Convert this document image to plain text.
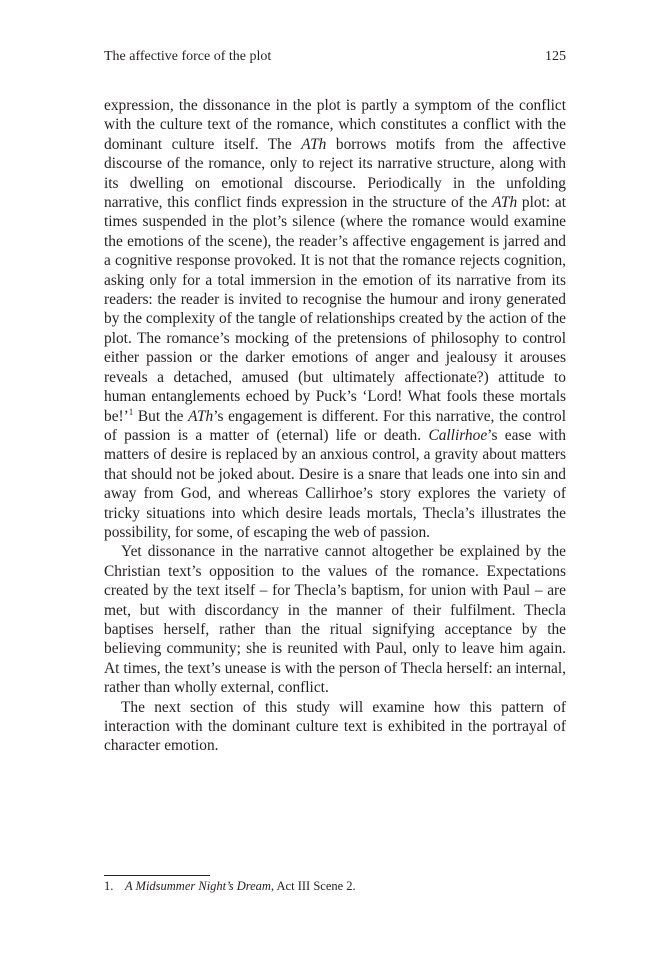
The affective force of the plot	125

expression, the dissonance in the plot is partly a symptom of the conflict with the culture text of the romance, which constitutes a conflict with the dominant culture itself. The ATh borrows motifs from the affective discourse of the romance, only to reject its narrative structure, along with its dwelling on emotional discourse. Periodically in the unfolding narrative, this conflict finds expression in the structure of the ATh plot: at times suspended in the plot’s silence (where the romance would examine the emotions of the scene), the reader’s affective engagement is jarred and a cognitive response provoked. It is not that the romance rejects cognition, asking only for a total immersion in the emotion of its narrative from its readers: the reader is invited to recognise the humour and irony generated by the complexity of the tangle of relationships created by the action of the plot. The romance’s mocking of the pretensions of philosophy to control either passion or the darker emotions of anger and jealousy it arouses reveals a detached, amused (but ultimately affectionate?) attitude to human entanglements echoed by Puck’s ‘Lord! What fools these mortals be!’$^1$ But the ATh’s engagement is different. For this narrative, the control of passion is a matter of (eternal) life or death. Callirhoe’s ease with matters of desire is replaced by an anxious control, a gravity about matters that should not be joked about. Desire is a snare that leads one into sin and away from God, and whereas Callirhoe’s story explores the variety of tricky situations into which desire leads mortals, Thecla’s illustrates the possibility, for some, of escaping the web of passion.

Yet dissonance in the narrative cannot altogether be explained by the Christian text’s opposition to the values of the romance. Expectations created by the text itself – for Thecla’s baptism, for union with Paul – are met, but with discordancy in the manner of their fulfilment. Thecla baptises herself, rather than the ritual signifying acceptance by the believing community; she is reunited with Paul, only to leave him again. At times, the text’s unease is with the person of Thecla herself: an internal, rather than wholly external, conflict.

The next section of this study will examine how this pattern of interaction with the dominant culture text is exhibited in the portrayal of character emotion.

1. A Midsummer Night’s Dream, Act III Scene 2.
